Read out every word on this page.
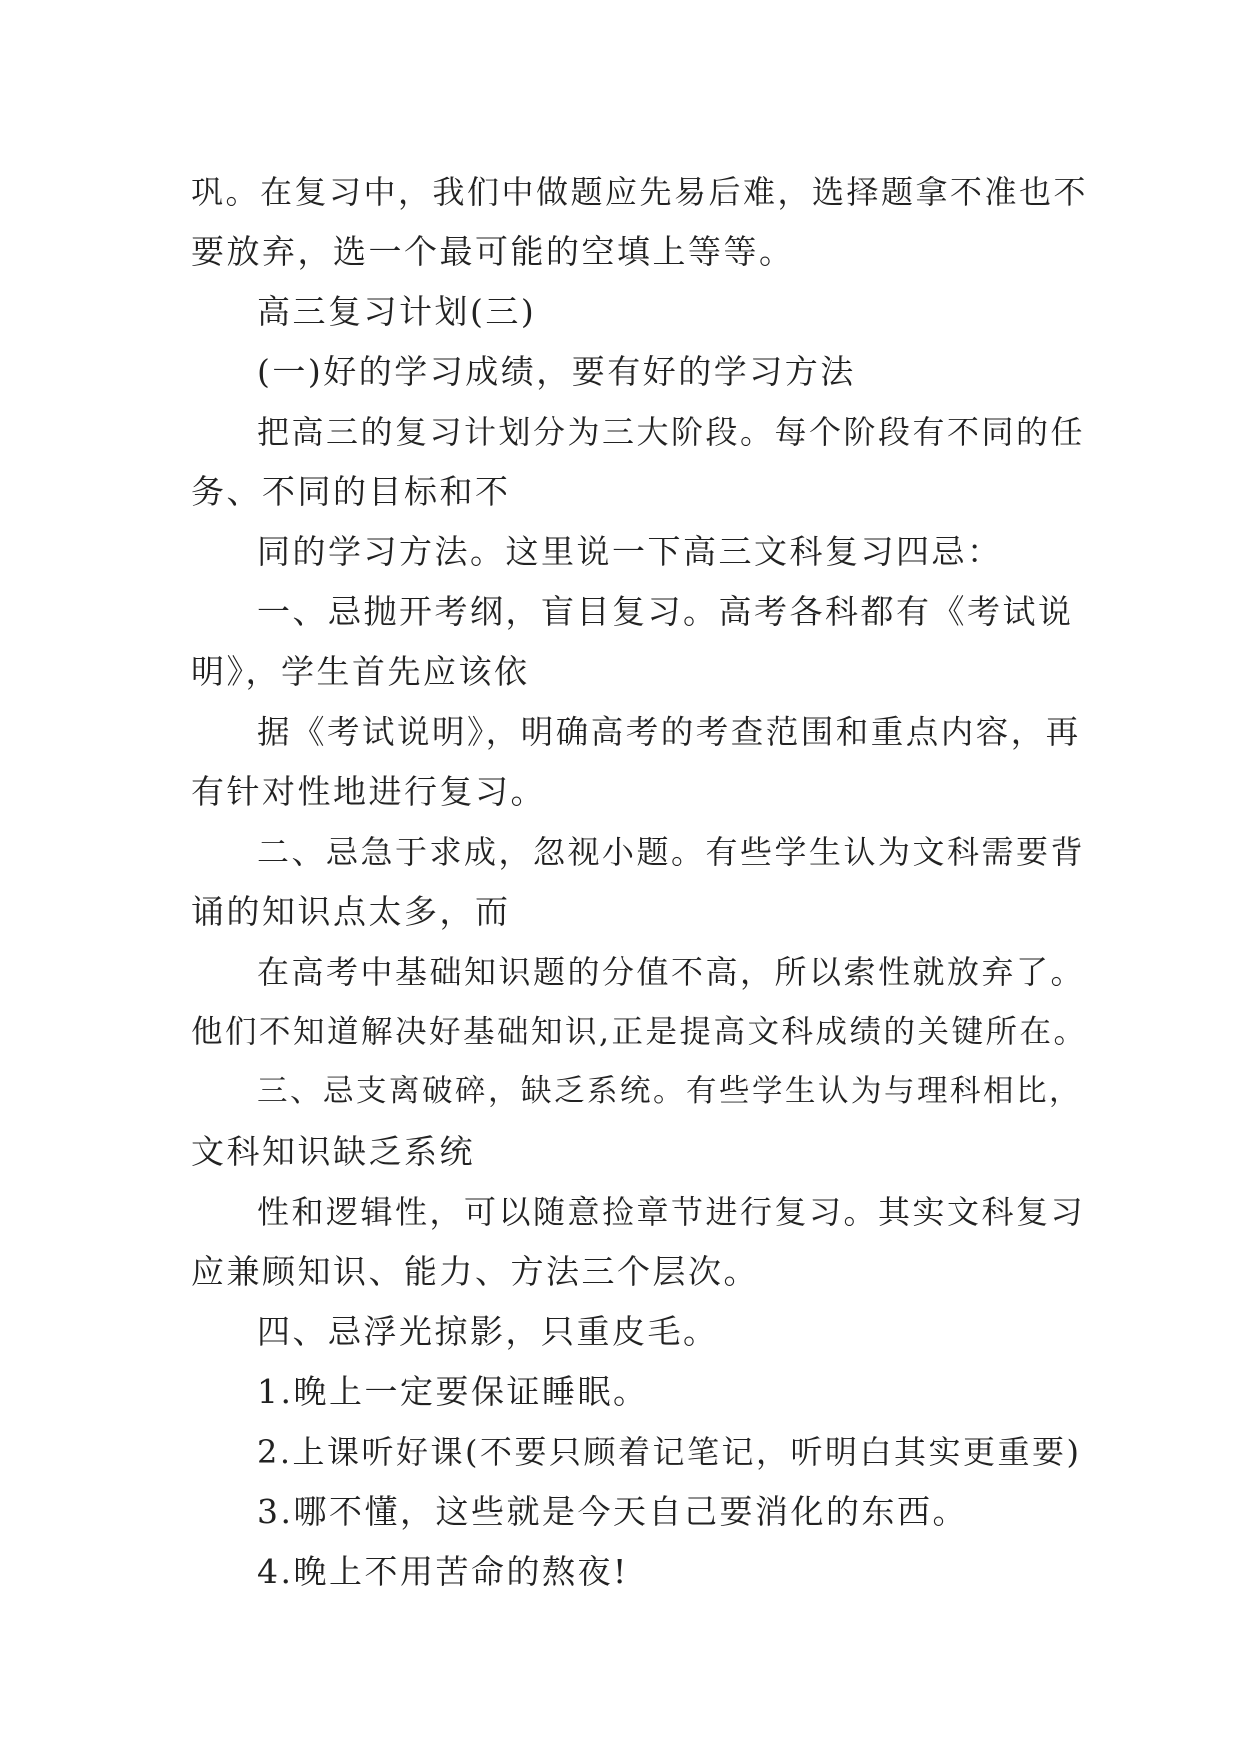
巩。在复习中，我们中做题应先易后难，选择题拿不准也不
要放弃，选一个最可能的空填上等等。
高三复习计划(三)
(一)好的学习成绩，要有好的学习方法
把高三的复习计划分为三大阶段。每个阶段有不同的任
务、不同的目标和不
同的学习方法。这里说一下高三文科复习四忌：
一、忌抛开考纲，盲目复习。高考各科都有《考试说
明》，学生首先应该依
据《考试说明》，明确高考的考查范围和重点内容，再
有针对性地进行复习。
二、忌急于求成，忽视小题。有些学生认为文科需要背
诵的知识点太多，而
在高考中基础知识题的分值不高，所以索性就放弃了。
他们不知道解决好基础知识,正是提高文科成绩的关键所在。
三、忌支离破碎，缺乏系统。有些学生认为与理科相比，
文科知识缺乏系统
性和逻辑性，可以随意捡章节进行复习。其实文科复习
应兼顾知识、能力、方法三个层次。
四、忌浮光掠影，只重皮毛。
1.晚上一定要保证睡眠。
2.上课听好课(不要只顾着记笔记，听明白其实更重要)
3.哪不懂，这些就是今天自己要消化的东西。
4.晚上不用苦命的熬夜!
